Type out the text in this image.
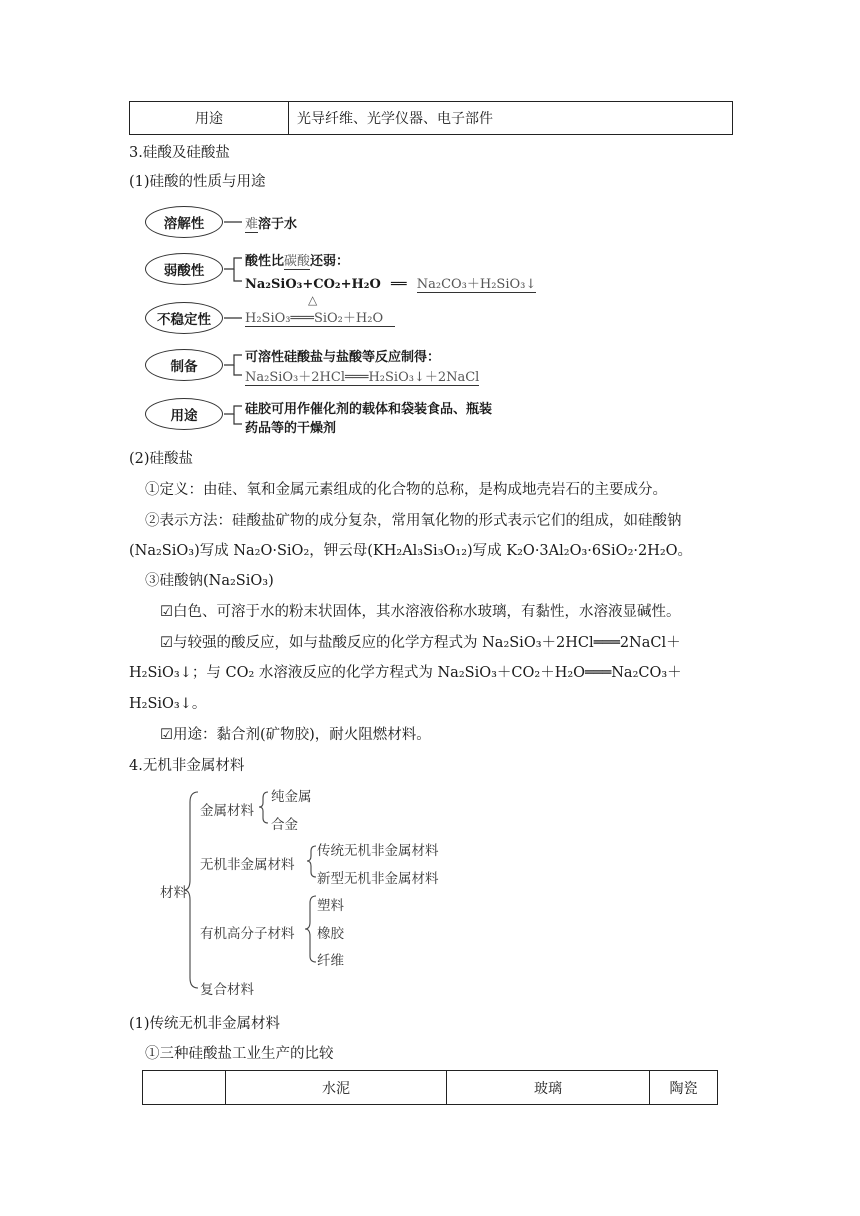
用途	光导纤维、光学仪器、电子部件
3.硅酸及硅酸盐
(1)硅酸的性质与用途
溶解性
弱酸性
不稳定性
制备
用途
难溶于水
酸性比碳酸还弱：
Na₂SiO₃+CO₂+H₂O ══ Na₂CO₃＋H₂SiO₃↓
△
H₂SiO₃═══SiO₂＋H₂O
可溶性硅酸盐与盐酸等反应制得：
Na₂SiO₃＋2HCl═══H₂SiO₃↓＋2NaCl
硅胶可用作催化剂的载体和袋装食品、瓶装
药品等的干燥剂
(2)硅酸盐
①定义：由硅、氧和金属元素组成的化合物的总称，是构成地壳岩石的主要成分。
②表示方法：硅酸盐矿物的成分复杂，常用氧化物的形式表示它们的组成，如硅酸钠
(Na₂SiO₃)写成 Na₂O·SiO₂，钾云母(KH₂Al₃Si₃O₁₂)写成 K₂O·3Al₂O₃·6SiO₂·2H₂O。
③硅酸钠(Na₂SiO₃)
☑白色、可溶于水的粉末状固体，其水溶液俗称水玻璃，有黏性，水溶液显碱性。
☑与较强的酸反应，如与盐酸反应的化学方程式为 Na₂SiO₃＋2HCl═══2NaCl＋
H₂SiO₃↓；与 CO₂ 水溶液反应的化学方程式为 Na₂SiO₃＋CO₂＋H₂O═══Na₂CO₃＋
H₂SiO₃↓。
☑用途：黏合剂(矿物胶)，耐火阻燃材料。
4.无机非金属材料
材料
金属材料
纯金属
合金
无机非金属材料
传统无机非金属材料
新型无机非金属材料
有机高分子材料
塑料
橡胶
纤维
复合材料
(1)传统无机非金属材料
①三种硅酸盐工业生产的比较
	水泥	玻璃	陶瓷
